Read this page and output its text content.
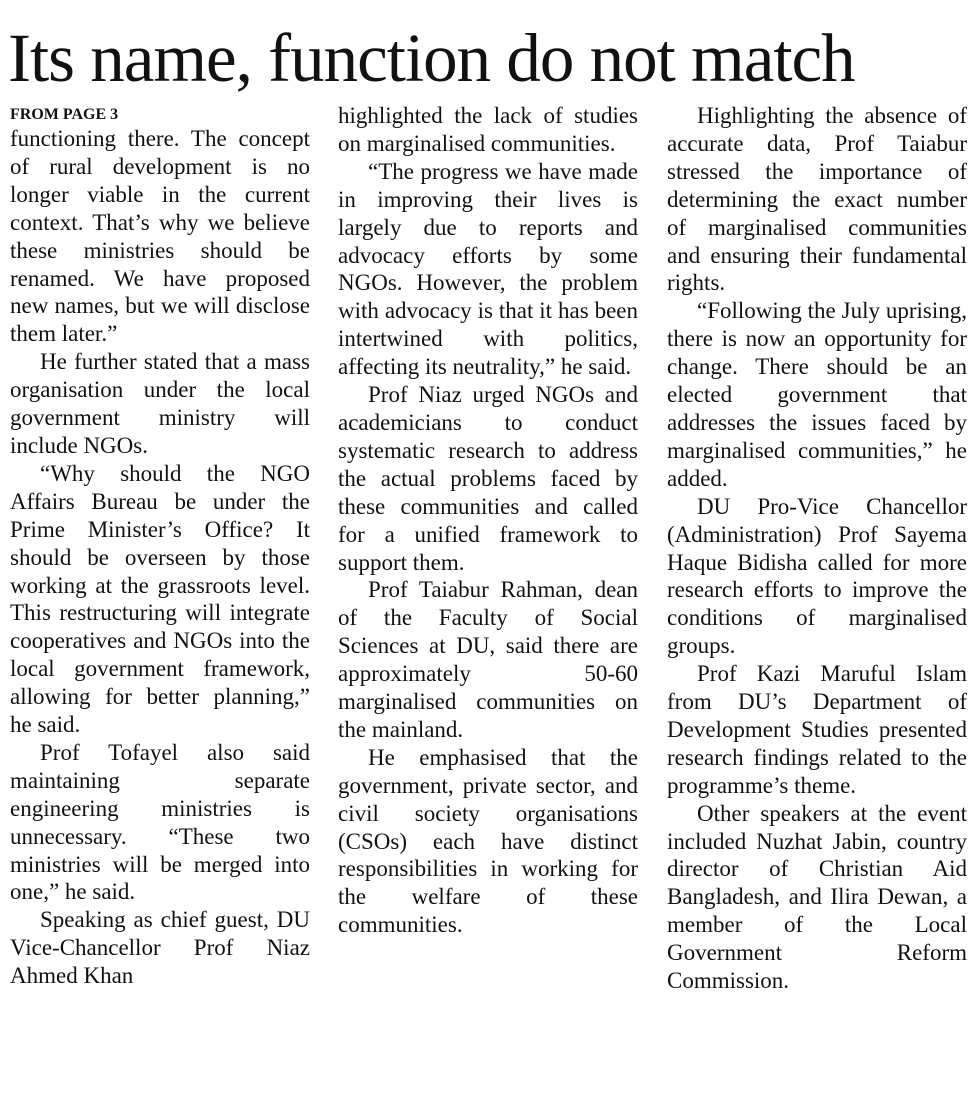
Its name, function do not match
FROM PAGE 3

functioning there. The concept of rural development is no longer viable in the current context. That’s why we believe these ministries should be renamed. We have proposed new names, but we will disclose them later.”

He further stated that a mass organisation under the local government ministry will include NGOs.

“Why should the NGO Affairs Bureau be under the Prime Minister’s Office? It should be overseen by those working at the grassroots level. This restructuring will integrate cooperatives and NGOs into the local government framework, allowing for better planning,” he said.

Prof Tofayel also said maintaining separate engineering ministries is unnecessary. “These two ministries will be merged into one,” he said.

Speaking as chief guest, DU Vice-Chancellor Prof Niaz Ahmed Khan

highlighted the lack of studies on marginalised communities.

“The progress we have made in improving their lives is largely due to reports and advocacy efforts by some NGOs. However, the problem with advocacy is that it has been intertwined with politics, affecting its neutrality,” he said.

Prof Niaz urged NGOs and academicians to conduct systematic research to address the actual problems faced by these communities and called for a unified framework to support them.

Prof Taiabur Rahman, dean of the Faculty of Social Sciences at DU, said there are approximately 50-60 marginalised communities on the mainland.

He emphasised that the government, private sector, and civil society organisations (CSOs) each have distinct responsibilities in working for the welfare of these communities.

Highlighting the absence of accurate data, Prof Taiabur stressed the importance of determining the exact number of marginalised communities and ensuring their fundamental rights.

“Following the July uprising, there is now an opportunity for change. There should be an elected government that addresses the issues faced by marginalised communities,” he added.

DU Pro-Vice Chancellor (Administration) Prof Sayema Haque Bidisha called for more research efforts to improve the conditions of marginalised groups.

Prof Kazi Maruful Islam from DU’s Department of Development Studies presented research findings related to the programme’s theme.

Other speakers at the event included Nuzhat Jabin, country director of Christian Aid Bangladesh, and Ilira Dewan, a member of the Local Government Reform Commission.
